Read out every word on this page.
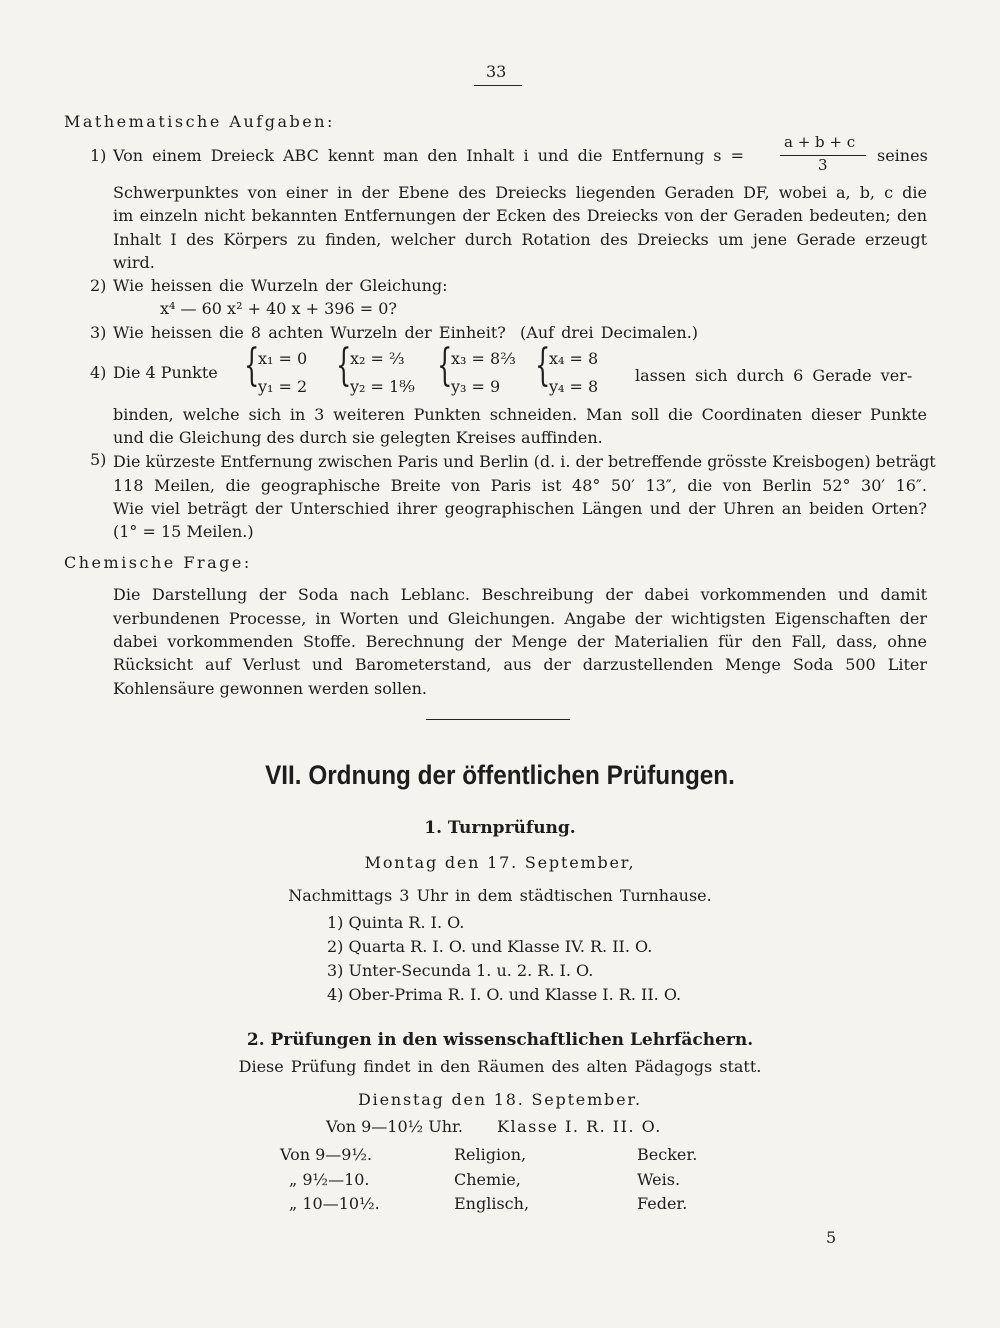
33
Mathematische Aufgaben:
1) Von einem Dreieck ABC kennt man den Inhalt i und die Entfernung s =
a + b + c
3	seines
Schwerpunktes von einer in der Ebene des Dreiecks liegenden Geraden DF, wobei a, b, c die
im einzeln nicht bekannten Entfernungen der Ecken des Dreiecks von der Geraden bedeuten; den
Inhalt I des Körpers zu finden, welcher durch Rotation des Dreiecks um jene Gerade erzeugt
wird.
2) Wie heissen die Wurzeln der Gleichung:
x⁴ — 60 x² + 40 x + 396 = 0?
3) Wie heissen die 8 achten Wurzeln der Einheit?  (Auf drei Decimalen.)
4) Die 4 Punkte {
x₁ = 0
y₁ = 2 {
x₂ = ⅔
y₂ = 1⁸⁄₉ {
x₃ = 8⅔
y₃ = 9 {
x₄ = 8
y₄ = 8
lassen sich durch 6 Gerade ver-
binden, welche sich in 3 weiteren Punkten schneiden. Man soll die Coordinaten dieser Punkte
und die Gleichung des durch sie gelegten Kreises auffinden.
5) Die kürzeste Entfernung zwischen Paris und Berlin (d. i. der betreffende grösste Kreisbogen) beträgt
118 Meilen, die geographische Breite von Paris ist 48° 50′ 13″, die von Berlin 52° 30′ 16″.
Wie viel beträgt der Unterschied ihrer geographischen Längen und der Uhren an beiden Orten?
(1° = 15 Meilen.)
Chemische Frage:
Die Darstellung der Soda nach Leblanc. Beschreibung der dabei vorkommenden und damit
verbundenen Processe, in Worten und Gleichungen. Angabe der wichtigsten Eigenschaften der
dabei vorkommenden Stoffe. Berechnung der Menge der Materialien für den Fall, dass, ohne
Rücksicht auf Verlust und Barometerstand, aus der darzustellenden Menge Soda 500 Liter
Kohlensäure gewonnen werden sollen.
VII. Ordnung der öffentlichen Prüfungen.
1. Turnprüfung.
Montag den 17. September,
Nachmittags 3 Uhr in dem städtischen Turnhause.
1) Quinta R. I. O.
2) Quarta R. I. O. und Klasse IV. R. II. O.
3) Unter-Secunda 1. u. 2. R. I. O.
4) Ober-Prima R. I. O. und Klasse I. R. II. O.
2. Prüfungen in den wissenschaftlichen Lehrfächern.
Diese Prüfung findet in den Räumen des alten Pädagogs statt.
Dienstag den 18. September.
Von 9—10½ Uhr. Klasse I. R. II. O.
Von 9—9½.	Religion,	Becker.
„ 9½—10.	Chemie,	Weis.
„ 10—10½.	Englisch,	Feder.
5
